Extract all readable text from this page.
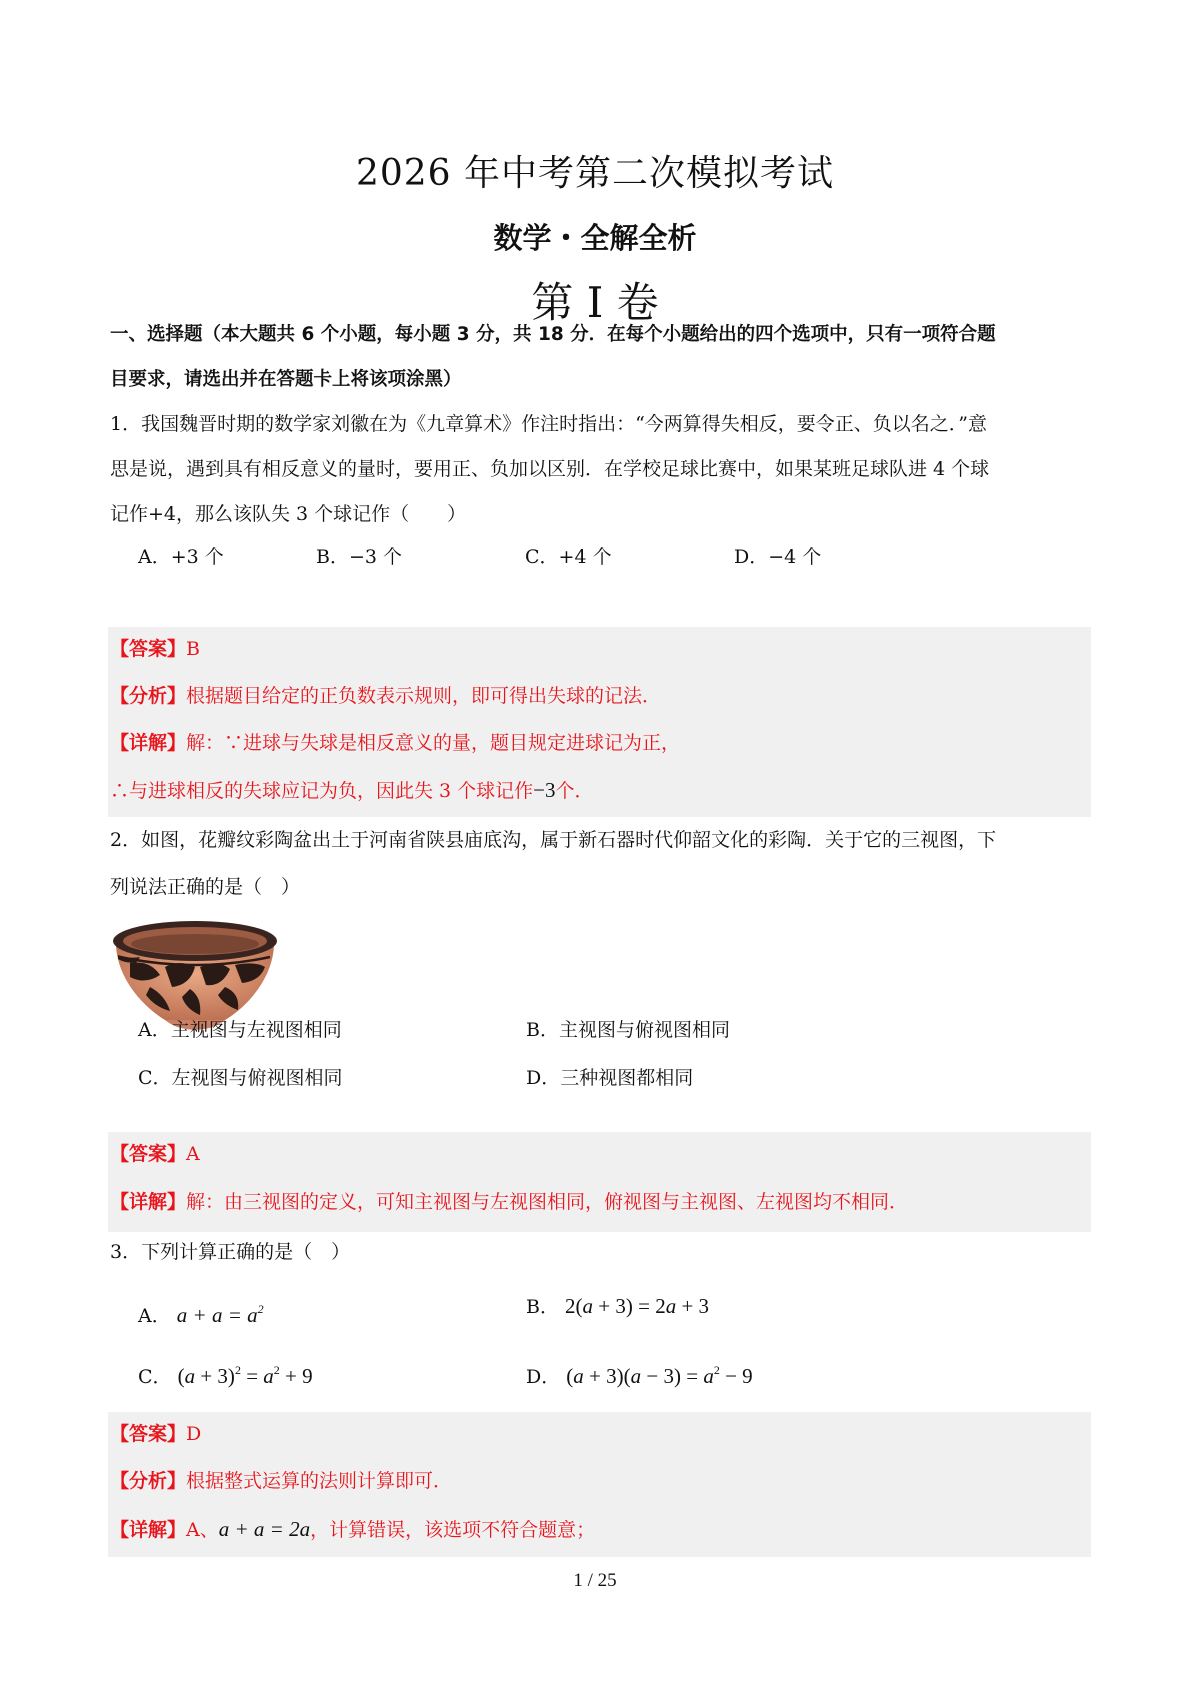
2026 年中考第二次模拟考试
数学・全解全析
第 I 卷
一、选择题（本大题共 6 个小题，每小题 3 分，共 18 分．在每个小题给出的四个选项中，只有一项符合题
目要求，请选出并在答题卡上将该项涂黑）
1．我国魏晋时期的数学家刘徽在为《九章算术》作注时指出：“今两算得失相反，要令正、负以名之．”意
思是说，遇到具有相反意义的量时，要用正、负加以区别．在学校足球比赛中，如果某班足球队进 4 个球
记作+4，那么该队失 3 个球记作（　　）
A．+3 个	B．−3 个	C．+4 个	D．−4 个
【答案】B
【分析】根据题目给定的正负数表示规则，即可得出失球的记法．
【详解】解：∵进球与失球是相反意义的量，题目规定进球记为正，
∴与进球相反的失球应记为负，因此失 3 个球记作−3个．
2．如图，花瓣纹彩陶盆出土于河南省陕县庙底沟，属于新石器时代仰韶文化的彩陶．关于它的三视图，下
列说法正确的是（　）
A．主视图与左视图相同	B．主视图与俯视图相同
C．左视图与俯视图相同	D．三种视图都相同
【答案】A
【详解】解：由三视图的定义，可知主视图与左视图相同，俯视图与主视图、左视图均不相同．
3．下列计算正确的是（　）
A． $a + a = a^2$	B． 2(a + 3) = 2a + 3
C． $(a + 3)^2 = a^2 + 9$	D． $(a + 3)(a - 3) = a^2 - 9$
【答案】D
【分析】根据整式运算的法则计算即可．
【详解】A、a + a = 2a，计算错误，该选项不符合题意；
1 / 25
